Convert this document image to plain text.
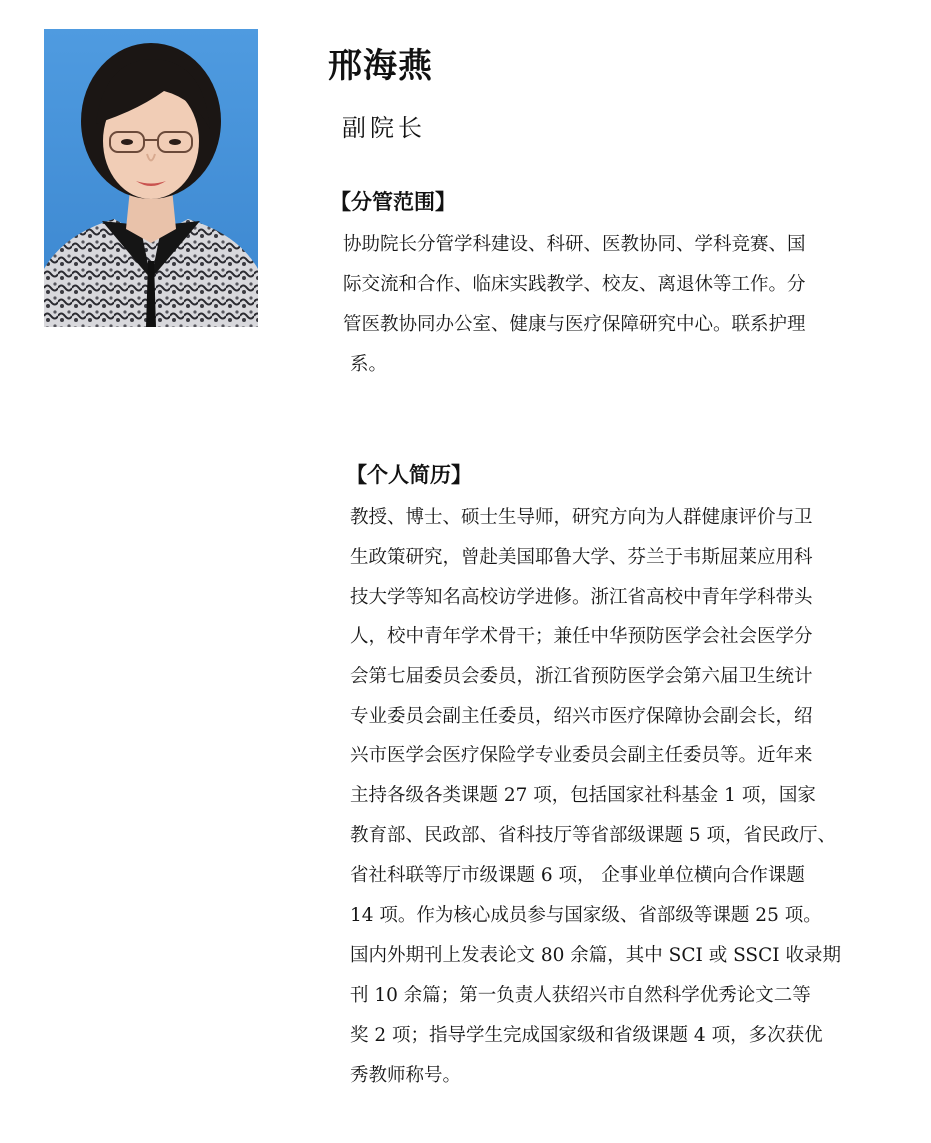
邢海燕
副院长
【分管范围】
协助院长分管学科建设、科研、医教协同、学科竞赛、国
际交流和合作、临床实践教学、校友、离退休等工作。分
管医教协同办公室、健康与医疗保障研究中心。联系护理
系。
【个人简历】
教授、博士、硕士生导师，研究方向为人群健康评价与卫
生政策研究，曾赴美国耶鲁大学、芬兰于韦斯屈莱应用科
技大学等知名高校访学进修。浙江省高校中青年学科带头
人，校中青年学术骨干；兼任中华预防医学会社会医学分
会第七届委员会委员，浙江省预防医学会第六届卫生统计
专业委员会副主任委员，绍兴市医疗保障协会副会长，绍
兴市医学会医疗保险学专业委员会副主任委员等。近年来
主持各级各类课题 27 项，包括国家社科基金 1 项，国家
教育部、民政部、省科技厅等省部级课题 5 项，省民政厅、
省社科联等厅市级课题 6 项， 企事业单位横向合作课题
14 项。作为核心成员参与国家级、省部级等课题 25 项。
国内外期刊上发表论文 80 余篇，其中 SCI 或 SSCI 收录期
刊 10 余篇；第一负责人获绍兴市自然科学优秀论文二等
奖 2 项；指导学生完成国家级和省级课题 4 项，多次获优
秀教师称号。
